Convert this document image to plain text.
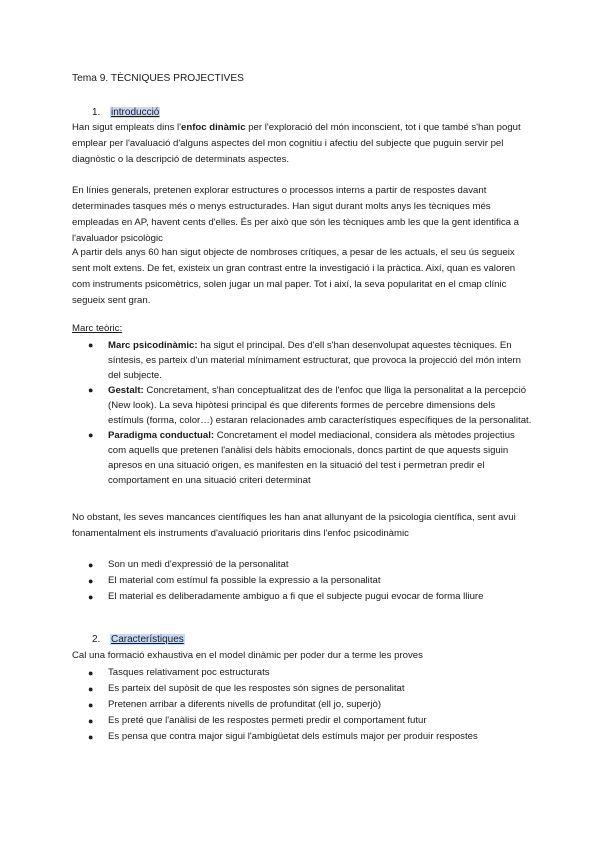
Tema 9. TÈCNIQUES PROJECTIVES
1. introducció

Han sigut empleats dins l'enfoc dinàmic per l'exploració del món inconscient, tot i que també s'han pogut emplear per l'avaluació d'alguns aspectes del mon cognitiu i afectiu del subjecte que puguin servir pel diagnòstic o la descripció de determinats aspectes.

En línies generals, pretenen explorar estructures o processos interns a partir de respostes davant determinades tasques més o menys estructurades. Han sigut durant molts anys les tècniques més empleadas en AP, havent cents d'elles. És per això que són les tècniques amb les que la gent identifica a l'avaluador psicològic

A partir dels anys 60 han sigut objecte de nombroses crítiques, a pesar de les actuals, el seu ús segueix sent molt extens. De fet, existeix un gran contrast entre la investigació i la pràctica. Així, quan es valoren com instruments psicomètrics, solen jugar un mal paper. Tot i així, la seva popularitat en el cmap clínic segueix sent gran.

Marc teòric:
● Marc psicodinàmic: ha sigut el principal. Des d'ell s'han desenvolupat aquestes tècniques. En síntesis, es parteix d'un material mínimament estructurat, que provoca la projecció del món intern del subjecte.
● Gestalt: Concretament, s'han conceptualitzat des de l'enfoc que lliga la personalitat a la percepció (New look). La seva hipòtesi principal és que diferents formes de percebre dimensions dels estímuls (forma, color…) estaran relacionades amb característiques específiques de la personalitat.
● Paradigma conductual: Concretament el model mediacional, considera als mètodes projectius com aquells que pretenen l'anàlisi dels hàbits emocionals, doncs partint de que aquests siguin apresos en una situació origen, es manifesten en la situació del test i permetran predir el comportament en una situació criteri determinat

No obstant, les seves mancances científiques les han anat allunyant de la psicologia científica, sent avui fonamentalment els instruments d'avaluació prioritaris dins l'enfoc psicodinàmic

● Son un medi d'expressió de la personalitat
● El material com estímul fa possible la expressio a la personalitat
● El material es deliberadamente ambiguo a fi que el subjecte pugui evocar de forma lliure
2. Característiques

Cal una formació exhaustiva en el model dinàmic per poder dur a terme les proves

● Tasques relativament poc estructurats
● Es parteix del supòsit de que les respostes són signes de personalitat
● Pretenen arribar a diferents nivells de profunditat (ell jo, superjò)
● Es preté que l'anàlisi de les respostes permeti predir el comportament futur
● Es pensa que contra major sigui l'ambigüetat dels estímuls major per produir respostes
